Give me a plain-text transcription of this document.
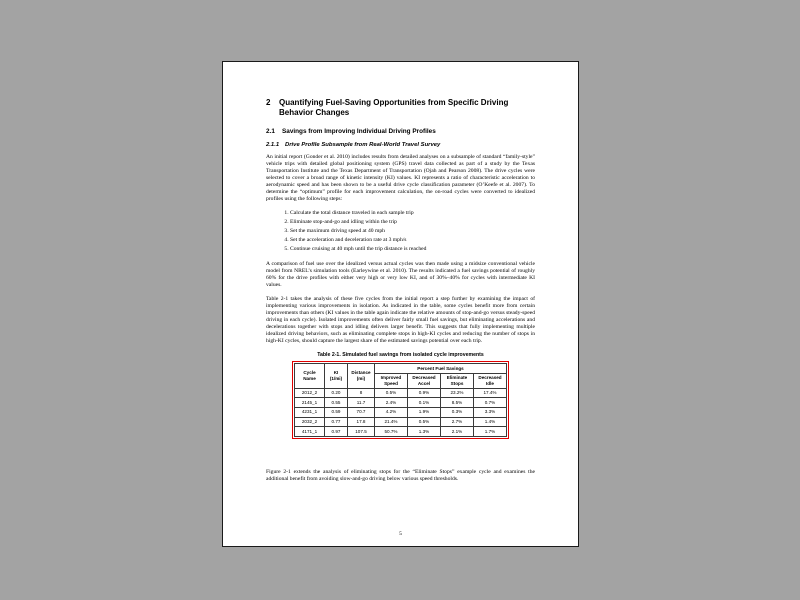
2	Quantifying Fuel-Saving Opportunities from Specific Driving Behavior Changes
2.1	Savings from Improving Individual Driving Profiles
2.1.1 Drive Profile Subsample from Real-World Travel Survey

An initial report (Gonder et al. 2010) includes results from detailed analyses on a subsample of standard “family-style” vehicle trips with detailed global positioning system (GPS) travel data collected as part of a study by the Texas Transportation Institute and the Texas Department of Transportation (Ojah and Pearson 2008). The drive cycles were selected to cover a broad range of kinetic intensity (KI) values. KI represents a ratio of characteristic acceleration to aerodynamic speed and has been shown to be a useful drive cycle classification parameter (O’Keefe et al. 2007). To determine the “optimum” profile for each improvement calculation, the on-road cycles were converted to idealized profiles using the following steps:

1. Calculate the total distance traveled in each sample trip
2. Eliminate stop-and-go and idling within the trip
3. Set the maximum driving speed at 40 mph
4. Set the acceleration and deceleration rate at 3 mph/s
5. Continue cruising at 40 mph until the trip distance is reached

A comparison of fuel use over the idealized versus actual cycles was then made using a midsize conventional vehicle model from NREL’s simulation tools (Earleywine et al. 2010). The results indicated a fuel savings potential of roughly 60% for the drive profiles with either very high or very low KI, and of 30%–40% for cycles with intermediate KI values.

Table 2-1 takes the analysis of these five cycles from the initial report a step further by examining the impact of implementing various improvements in isolation. As indicated in the table, some cycles benefit more from certain improvements than others (KI values in the table again indicate the relative amounts of stop-and-go versus steady-speed driving in each cycle). Isolated improvements often deliver fairly small fuel savings, but eliminating accelerations and decelerations together with stops and idling delivers larger benefit. This suggests that fully implementing multiple idealized driving behaviors, such as eliminating complete stops in high-KI cycles and reducing the number of stops in high-KI cycles, should capture the largest share of the estimated savings potential over each trip.

Table 2-1. Simulated fuel savings from isolated cycle improvements
Cycle Name	KI (1/mi)	Distance (mi)	Percent Fuel Savings			
			Improved Speed	Decreased Accel	Eliminate Stops	Decreased Idle
2012_2	0.20	8	0.5%	0.9%	23.2%	17.4%
2145_1	0.55	11.7	2.4%	0.1%	8.5%	0.7%
4231_1	0.59	70.7	4.2%	1.9%	0.3%	3.3%
2032_2	0.77	17.8	21.4%	0.5%	2.7%	1.4%
4171_1	0.97	107.5	50.7%	1.3%	2.1%	1.7%

Figure 2-1 extends the analysis of eliminating stops for the “Eliminate Stops” example cycle and examines the additional benefit from avoiding slow-and-go driving below various speed thresholds.

5
